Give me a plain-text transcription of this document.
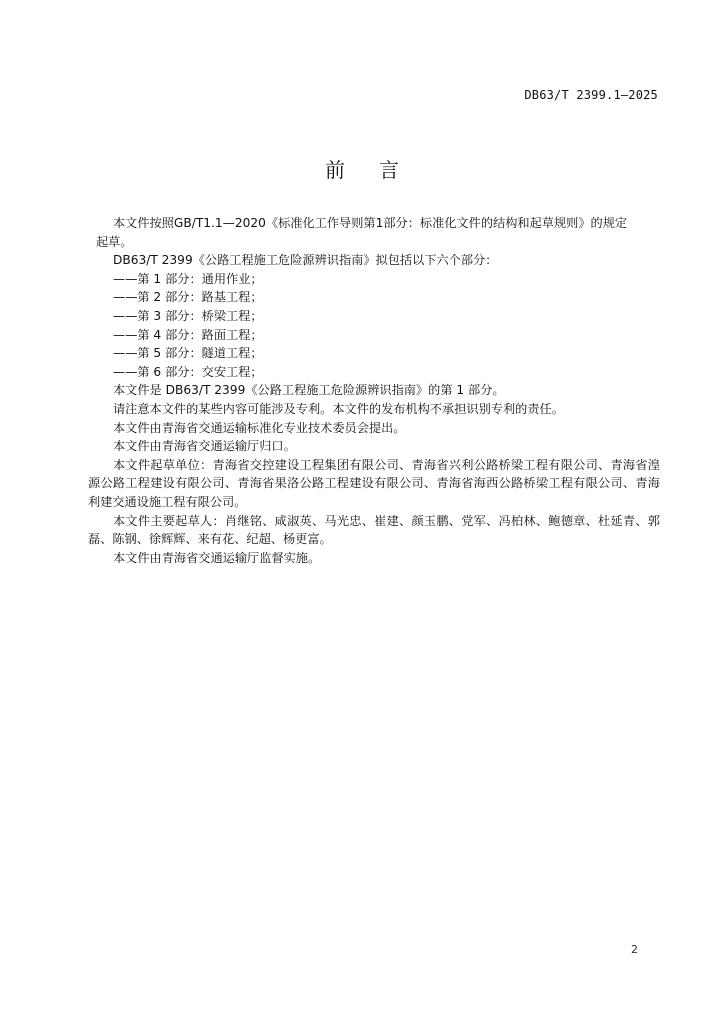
DB63/T 2399.1—2025
前言

本文件按照GB/T1.1—2020《标准化工作导则第1部分：标准化文件的结构和起草规则》的规定
起草。

DB63/T 2399《公路工程施工危险源辨识指南》拟包括以下六个部分：

——第 1 部分：通用作业；

——第 2 部分：路基工程；

——第 3 部分：桥梁工程；

——第 4 部分：路面工程；

——第 5 部分：隧道工程；

——第 6 部分：交安工程；

本文件是 DB63/T 2399《公路工程施工危险源辨识指南》的第 1 部分。

请注意本文件的某些内容可能涉及专利。本文件的发布机构不承担识别专利的责任。

本文件由青海省交通运输标准化专业技术委员会提出。

本文件由青海省交通运输厅归口。

本文件起草单位：青海省交控建设工程集团有限公司、青海省兴利公路桥梁工程有限公司、青海省湟源公路工程建设有限公司、青海省果洛公路工程建设有限公司、青海省海西公路桥梁工程有限公司、青海利建交通设施工程有限公司。

本文件主要起草人：肖继铭、咸淑英、马光忠、崔建、颜玉鹏、党军、冯柏林、鲍德章、杜延青、郭磊、陈钢、徐辉辉、来有花、纪超、杨更富。

本文件由青海省交通运输厅监督实施。

2
